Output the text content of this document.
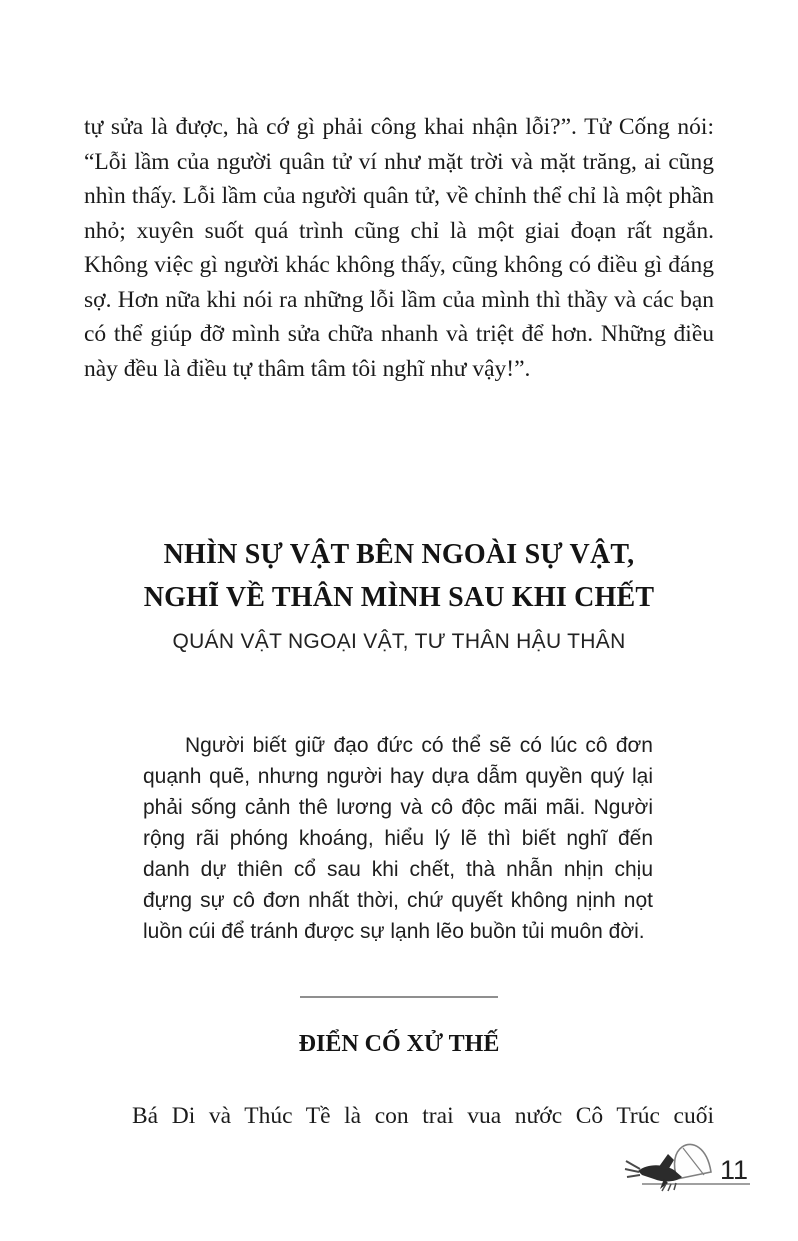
tự sửa là được, hà cớ gì phải công khai nhận lỗi?”. Tử Cống nói: “Lỗi lầm của người quân tử ví như mặt trời và mặt trăng, ai cũng nhìn thấy. Lỗi lầm của người quân tử, về chỉnh thể chỉ là một phần nhỏ; xuyên suốt quá trình cũng chỉ là một giai đoạn rất ngắn. Không việc gì người khác không thấy, cũng không có điều gì đáng sợ. Hơn nữa khi nói ra những lỗi lầm của mình thì thầy và các bạn có thể giúp đỡ mình sửa chữa nhanh và triệt để hơn. Những điều này đều là điều tự thâm tâm tôi nghĩ như vậy!”.

NHÌN SỰ VẬT BÊN NGOÀI SỰ VẬT,
NGHĨ VỀ THÂN MÌNH SAU KHI CHẾT
QUÁN VẬT NGOẠI VẬT, TƯ THÂN HẬU THÂN
Người biết giữ đạo đức có thể sẽ có lúc cô đơn quạnh quẽ, nhưng người hay dựa dẫm quyền quý lại phải sống cảnh thê lương và cô độc mãi mãi. Người rộng rãi phóng khoáng, hiểu lý lẽ thì biết nghĩ đến danh dự thiên cổ sau khi chết, thà nhẫn nhịn chịu đựng sự cô đơn nhất thời, chứ quyết không nịnh nọt luồn cúi để tránh được sự lạnh lẽo buồn tủi muôn đời.
ĐIỂN CỐ XỬ THẾ

Bá Di và Thúc Tề là con trai vua nước Cô Trúc cuối

11
